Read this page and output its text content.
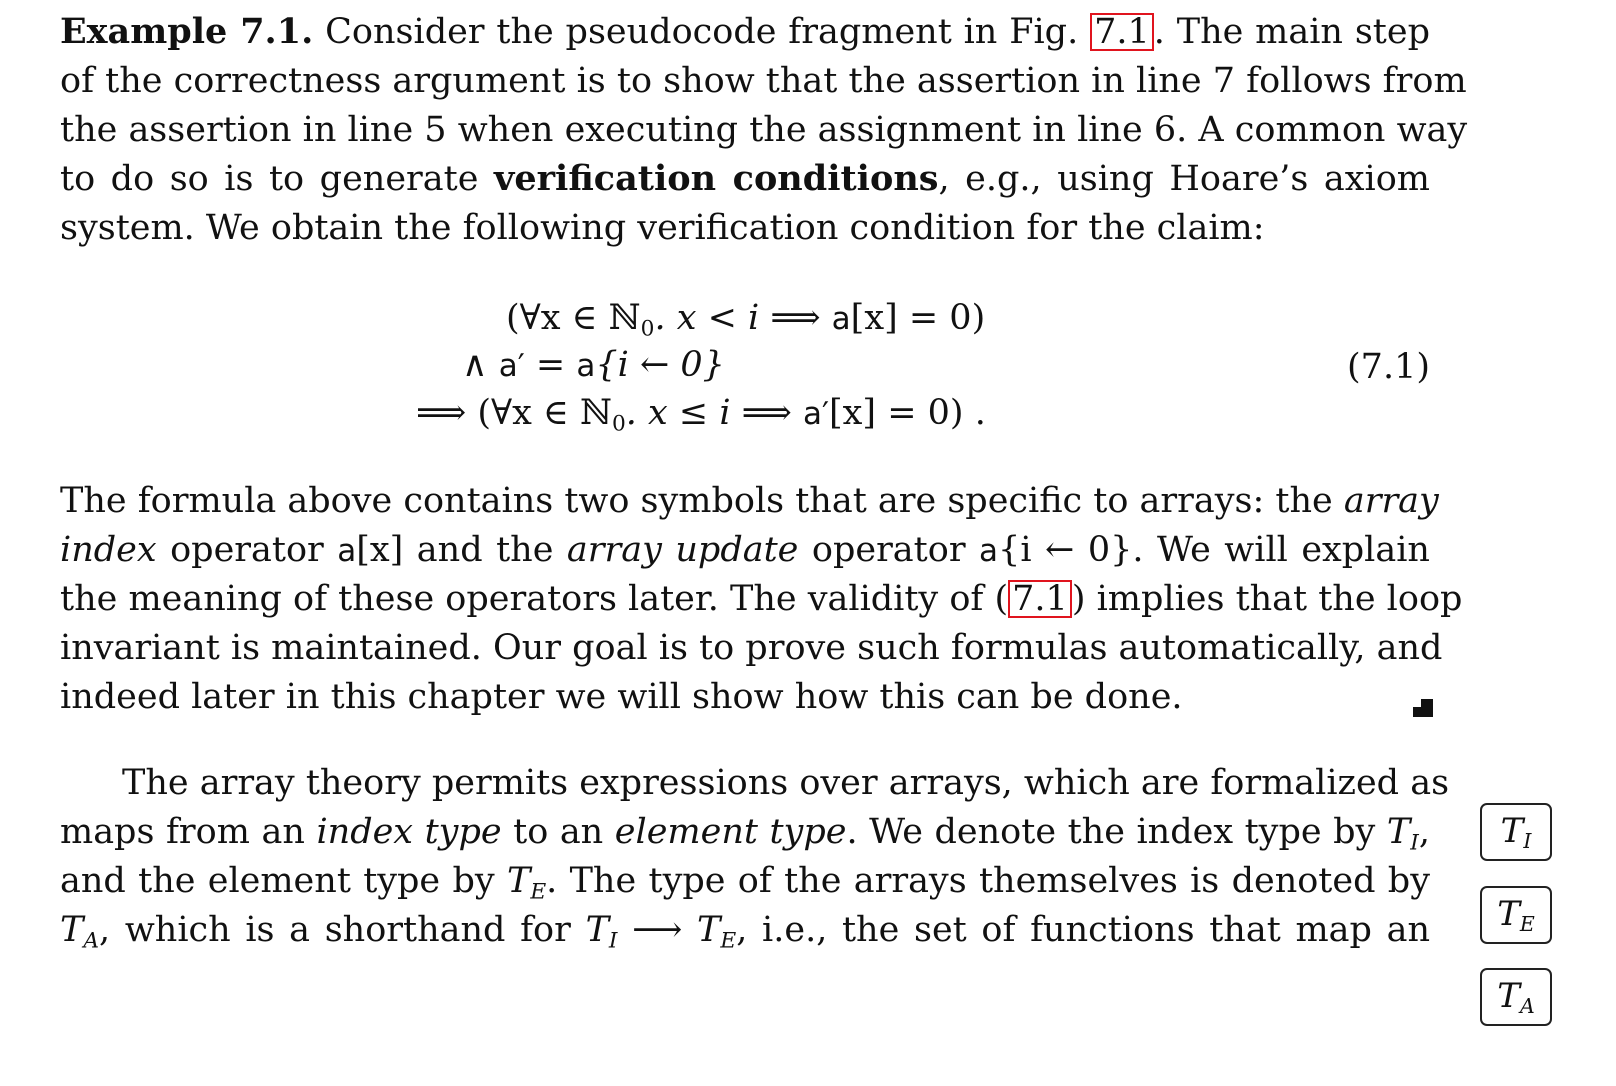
Example 7.1. Consider the pseudocode fragment in Fig. 7.1 . The main step
of the correctness argument is to show that the assertion in line 7 follows from
the assertion in line 5 when executing the assignment in line 6. A common way
to do so is to generate verification conditions, e.g., using Hoare’s axiom
system. We obtain the following verification condition for the claim:
(∀x ∈ ℕ$_0$. x < i ⟹ a[x] = 0)
∧ a′ = a{i ← 0}
⟹ (∀x ∈ ℕ$_0$. x ≤ i ⟹ a′[x] = 0) .
(7.1)
The formula above contains two symbols that are specific to arrays: the array
index operator a[x] and the array update operator a{i ← 0}. We will explain
the meaning of these operators later. The validity of ( 7.1 ) implies that the loop
invariant is maintained. Our goal is to prove such formulas automatically, and
indeed later in this chapter we will show how this can be done.
The array theory permits expressions over arrays, which are formalized as
maps from an index type to an element type. We denote the index type by $T_I$,
and the element type by $T_E$. The type of the arrays themselves is denoted by
$T_A$, which is a shorthand for $T_I$ ⟶ $T_E$, i.e., the set of functions that map an
$T_I$
$T_E$
$T_A$
